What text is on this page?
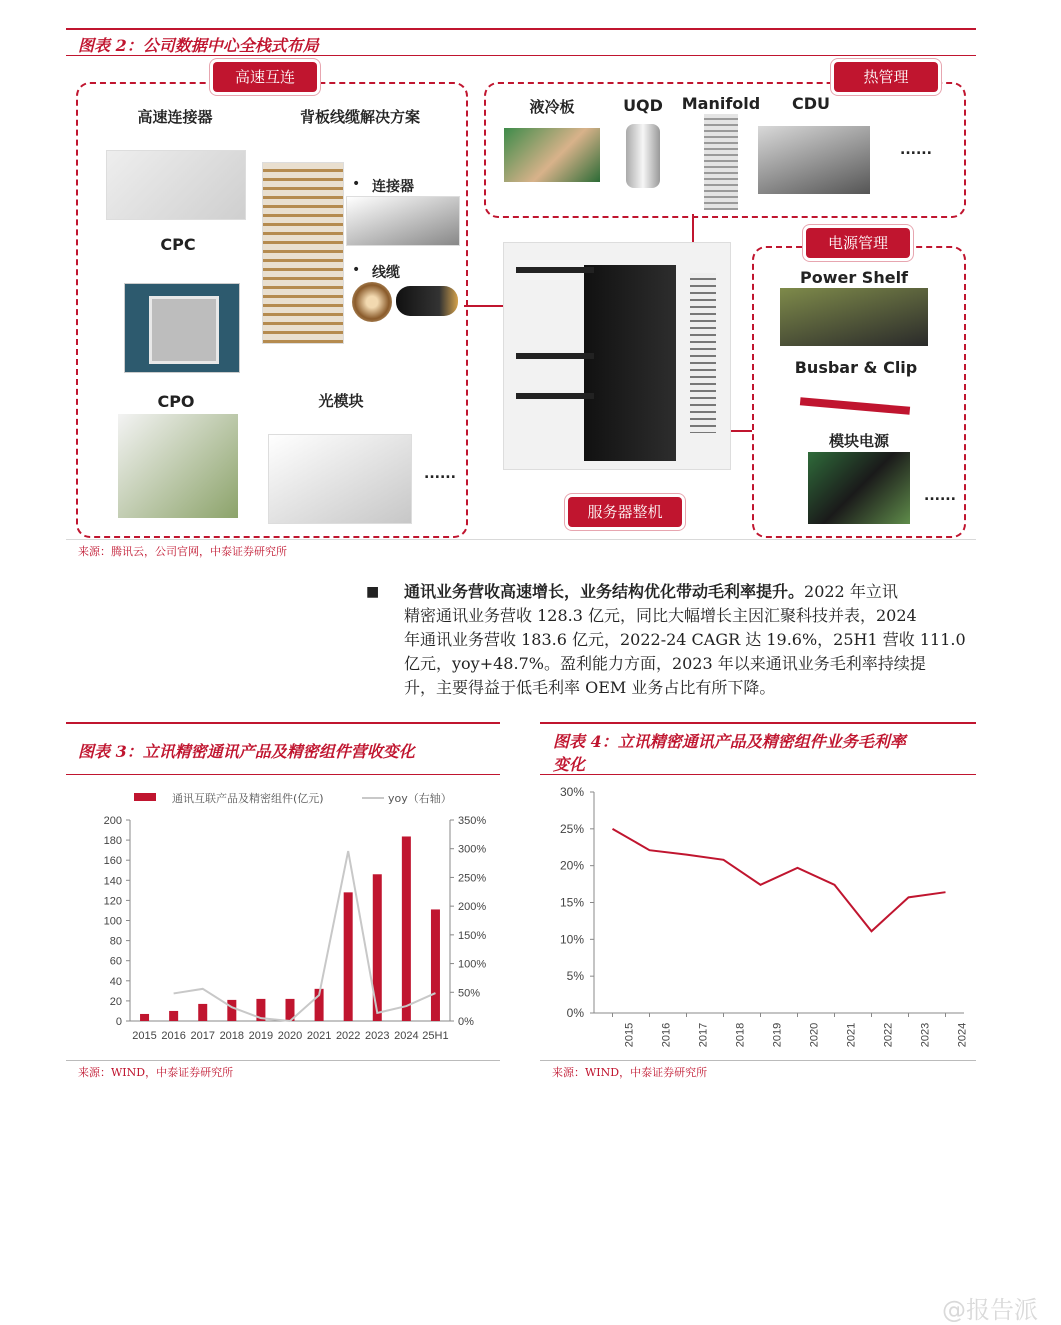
图表 2：公司数据中心全栈式布局
高速互连
高速连接器	背板线缆解决方案
• 连接器
• 线缆
CPC
CPO	光模块
......
热管理
液冷板	UQD	Manifold	CDU
......
服务器整机
电源管理
Power Shelf
Busbar & Clip
模块电源
......
来源：腾讯云，公司官网，中泰证券研究所
■ 通讯业务营收高速增长，业务结构优化带动毛利率提升。2022 年立讯
精密通讯业务营收 128.3 亿元，同比大幅增长主因汇聚科技并表，2024
年通讯业务营收 183.6 亿元，2022-24 CAGR 达 19.6%，25H1 营收 111.0
亿元，yoy+48.7%。盈利能力方面，2023 年以来通讯业务毛利率持续提
升，主要得益于低毛利率 OEM 业务占比有所下降。
图表 3：立讯精密通讯产品及精密组件营收变化
0
20
40
60
80
100
120
140
160
180
200
0%
50%
100%
150%
200%
250%
300%
350%
2015 2016 2017 2018 2019 2020 2021 2022 2023 2024 25H1
通讯互联产品及精密组件(亿元)	yoy（右轴）
来源：WIND，中泰证券研究所
图表 4：立讯精密通讯产品及精密组件业务毛利率
变化
0%
5%
10%
15%
20%
25%
30%
2015 2016 2017 2018 2019 2020 2021 2022 2023 2024
来源：WIND，中泰证券研究所
@报告派
